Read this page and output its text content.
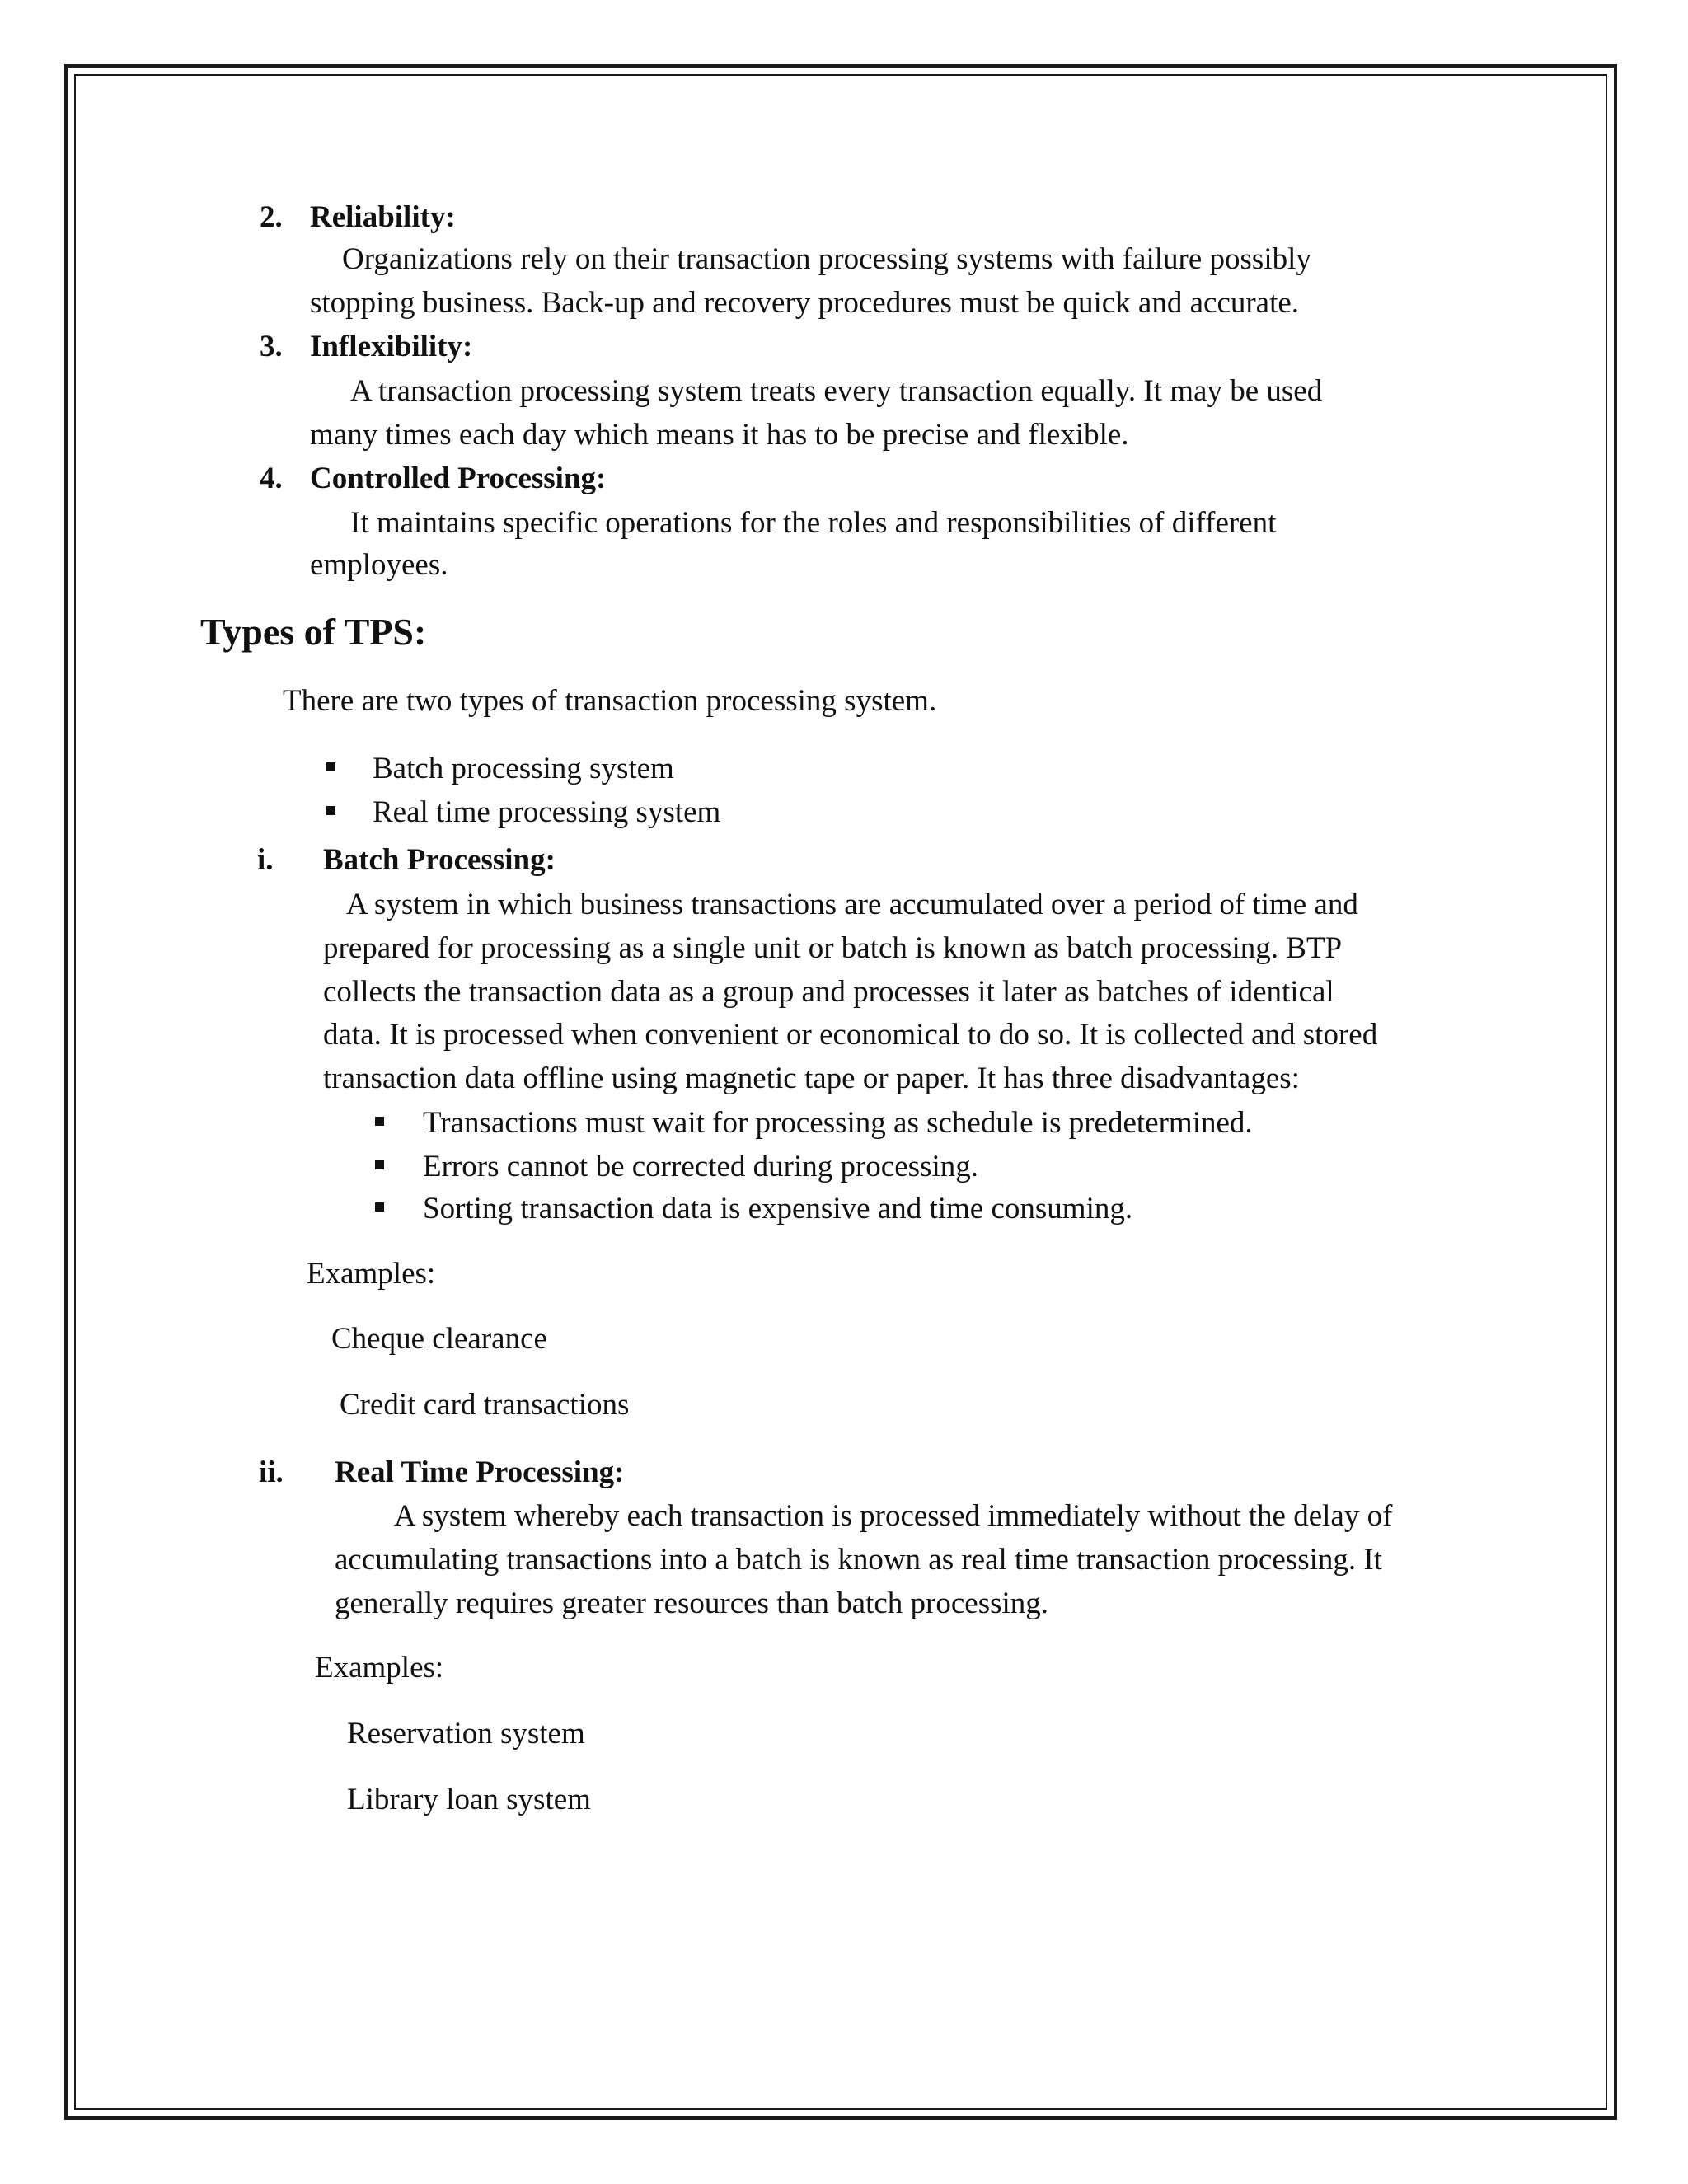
2. Reliability:
Organizations rely on their transaction processing systems with failure possibly
stopping business. Back-up and recovery procedures must be quick and accurate.
3. Inflexibility:
A transaction processing system treats every transaction equally. It may be used
many times each day which means it has to be precise and flexible.
4. Controlled Processing:
It maintains specific operations for the roles and responsibilities of different
employees.
Types of TPS:
There are two types of transaction processing system.
Batch processing system
Real time processing system
i. Batch Processing:
A system in which business transactions are accumulated over a period of time and
prepared for processing as a single unit or batch is known as batch processing. BTP
collects the transaction data as a group and processes it later as batches of identical
data. It is processed when convenient or economical to do so. It is collected and stored
transaction data offline using magnetic tape or paper. It has three disadvantages:
Transactions must wait for processing as schedule is predetermined.
Errors cannot be corrected during processing.
Sorting transaction data is expensive and time consuming.
Examples:
Cheque clearance
Credit card transactions
ii. Real Time Processing:
A system whereby each transaction is processed immediately without the delay of
accumulating transactions into a batch is known as real time transaction processing. It
generally requires greater resources than batch processing.
Examples:
Reservation system
Library loan system
